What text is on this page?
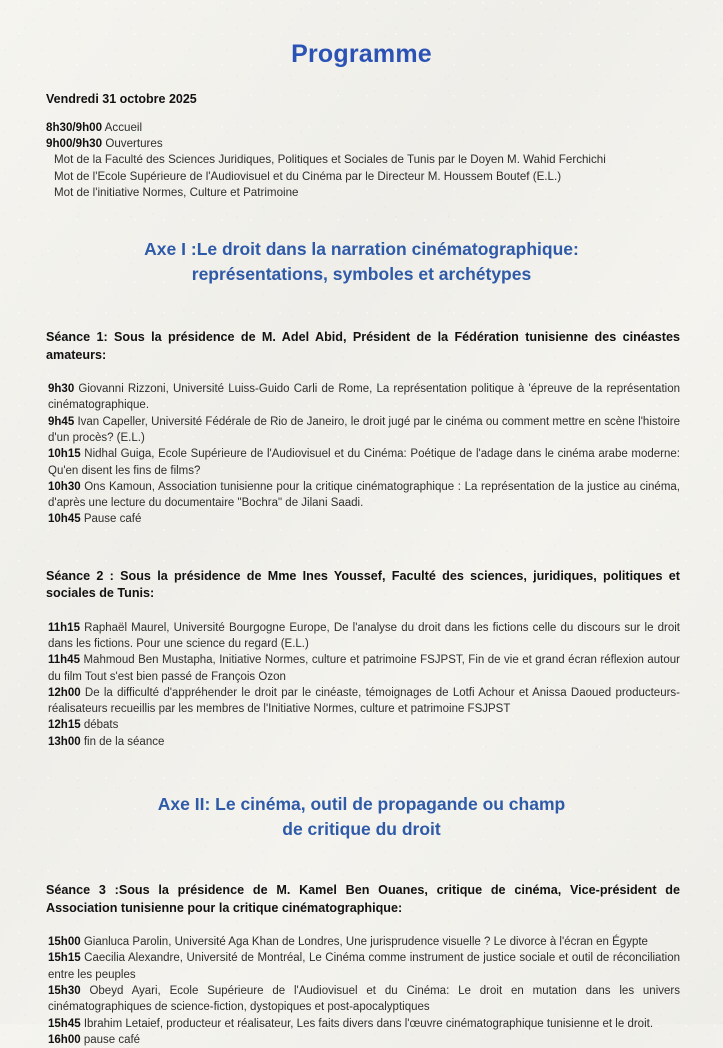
Programme

Vendredi 31 octobre 2025

8h30/9h00 Accueil
9h00/9h30 Ouvertures
Mot de la Faculté des Sciences Juridiques, Politiques et Sociales de Tunis par le Doyen M. Wahid Ferchichi
Mot de l'Ecole Supérieure de l'Audiovisuel et du Cinéma par le Directeur M. Houssem Boutef (E.L.)
Mot de l'initiative Normes, Culture et Patrimoine
Axe I :Le droit dans la narration cinématographique:
représentations, symboles et archétypes
Séance 1: Sous la présidence de M. Adel Abid, Président de la Fédération tunisienne des cinéastes amateurs:
9h30 Giovanni Rizzoni, Université Luiss-Guido Carli de Rome, La représentation politique à 'épreuve de la représentation cinématographique.
9h45 Ivan Capeller, Université Fédérale de Rio de Janeiro, le droit jugé par le cinéma ou comment mettre en scène l'histoire d'un procès? (E.L.)
10h15 Nidhal Guiga, Ecole Supérieure de l'Audiovisuel et du Cinéma: Poétique de l'adage dans le cinéma arabe moderne: Qu'en disent les fins de films?
10h30 Ons Kamoun, Association tunisienne pour la critique cinématographique : La représentation de la justice au cinéma, d'après une lecture du documentaire "Bochra" de Jilani Saadi.
10h45 Pause café
Séance 2 : Sous la présidence de Mme Ines Youssef, Faculté des sciences, juridiques, politiques et sociales de Tunis:
11h15 Raphaël Maurel, Université Bourgogne Europe, De l'analyse du droit dans les fictions celle du discours sur le droit dans les fictions. Pour une science du regard (E.L.)
11h45 Mahmoud Ben Mustapha, Initiative Normes, culture et patrimoine FSJPST, Fin de vie et grand écran réflexion autour du film Tout s'est bien passé de François Ozon
12h00 De la difficulté d'appréhender le droit par le cinéaste, témoignages de Lotfi Achour et Anissa Daoued producteurs-réalisateurs recueillis par les membres de l'Initiative Normes, culture et patrimoine FSJPST
12h15 débats
13h00 fin de la séance
Axe II: Le cinéma, outil de propagande ou champ
de critique du droit
Séance 3 :Sous la présidence de M. Kamel Ben Ouanes, critique de cinéma, Vice-président de Association tunisienne pour la critique cinématographique:
15h00 Gianluca Parolin, Université Aga Khan de Londres, Une jurisprudence visuelle ? Le divorce à l'écran en Égypte
15h15 Caecilia Alexandre, Université de Montréal, Le Cinéma comme instrument de justice sociale et outil de réconciliation entre les peuples
15h30 Obeyd Ayari, Ecole Supérieure de l'Audiovisuel et du Cinéma: Le droit en mutation dans les univers cinématographiques de science-fiction, dystopiques et post-apocalyptiques
15h45 Ibrahim Letaief, producteur et réalisateur, Les faits divers dans l'œuvre cinématographique tunisienne et le droit.
16h00 pause café
